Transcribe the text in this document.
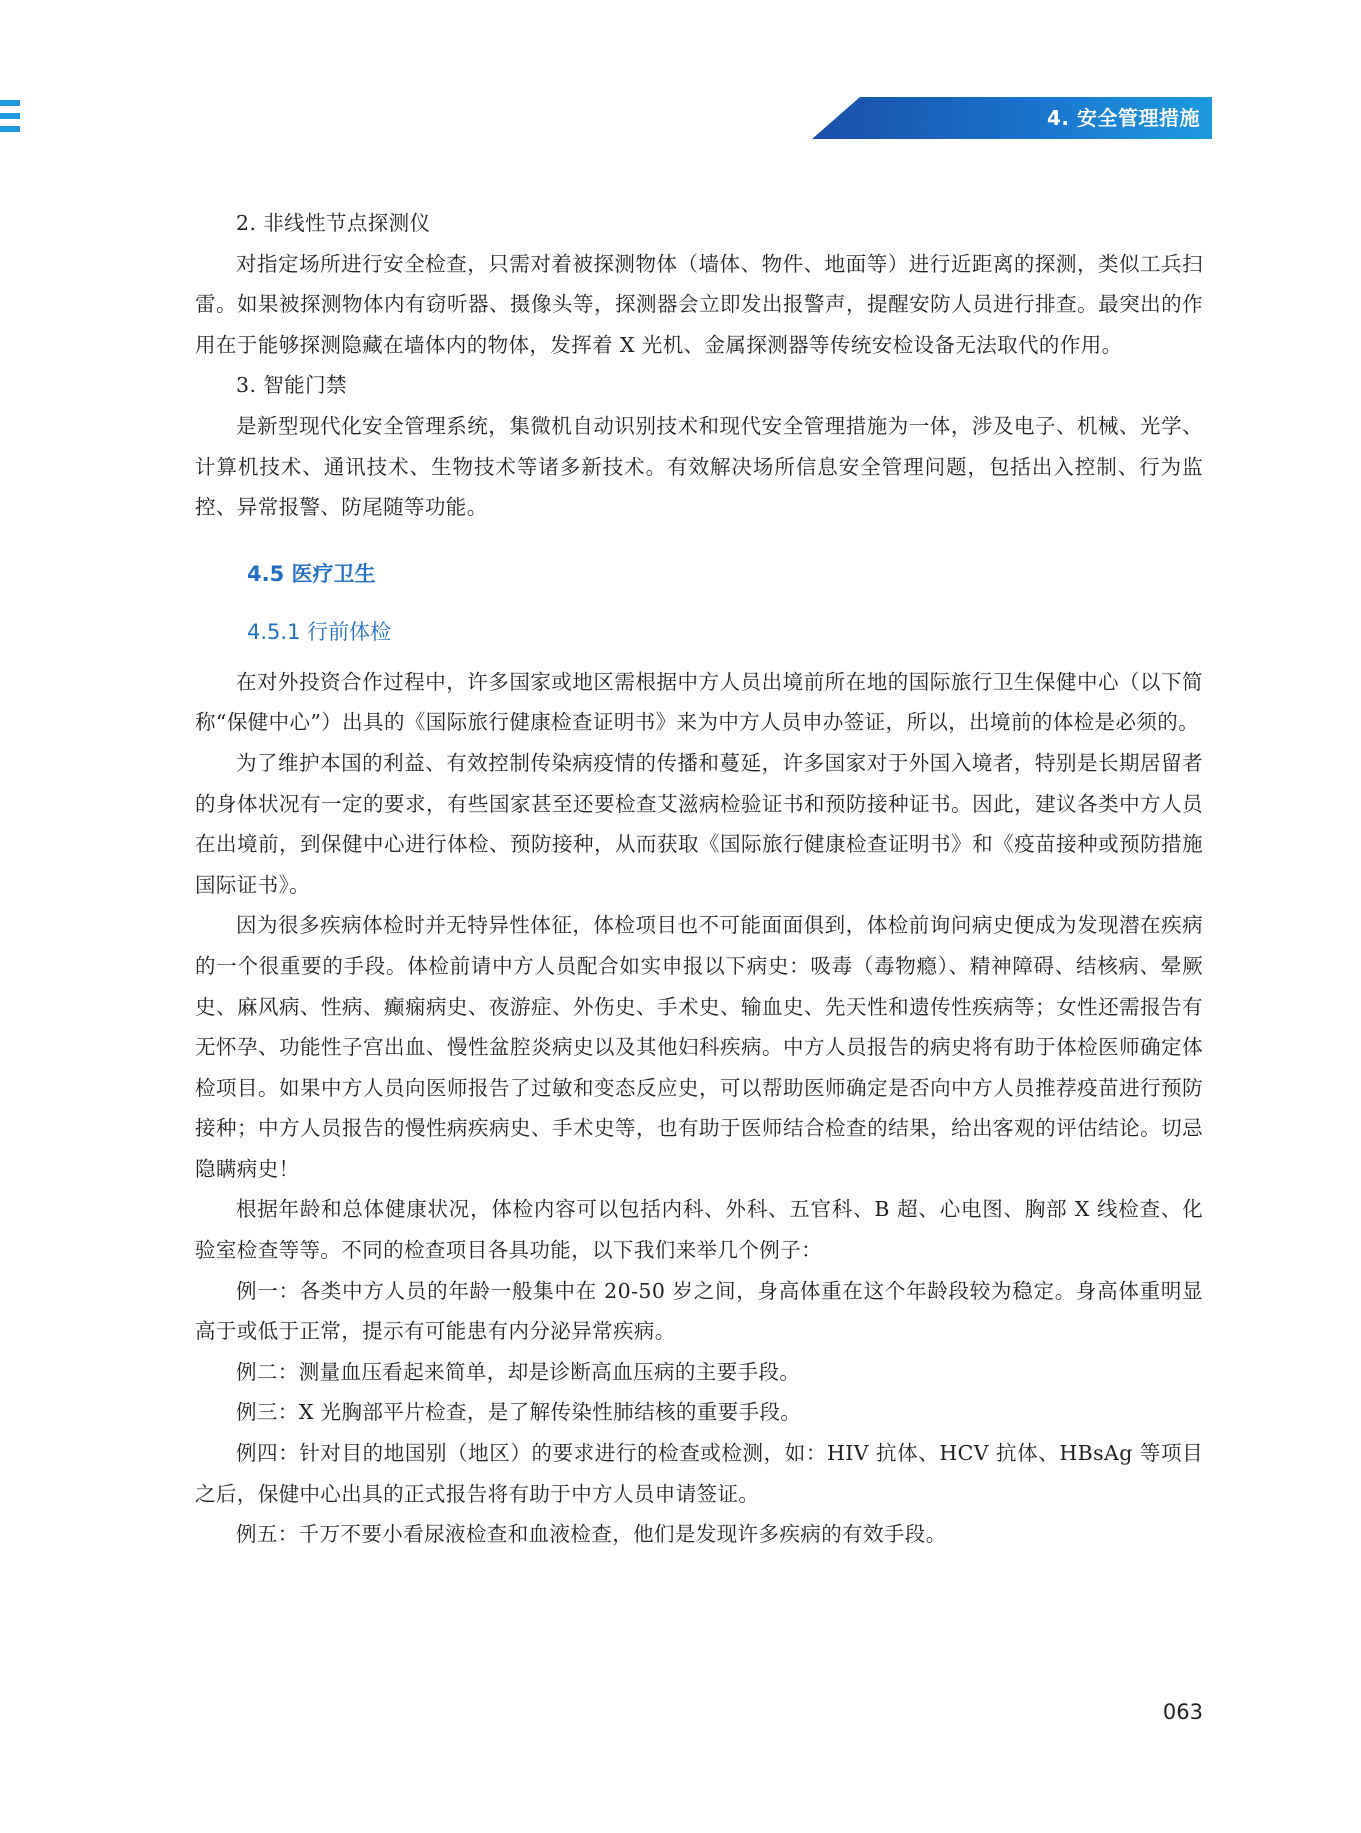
4. 安全管理措施

2. 非线性节点探测仪

对指定场所进行安全检查，只需对着被探测物体（墙体、物件、地面等）进行近距离的探测，类似工兵扫雷。如果被探测物体内有窃听器、摄像头等，探测器会立即发出报警声，提醒安防人员进行排查。最突出的作用在于能够探测隐藏在墙体内的物体，发挥着 X 光机、金属探测器等传统安检设备无法取代的作用。

3. 智能门禁

是新型现代化安全管理系统，集微机自动识别技术和现代安全管理措施为一体，涉及电子、机械、光学、计算机技术、通讯技术、生物技术等诸多新技术。有效解决场所信息安全管理问题，包括出入控制、行为监控、异常报警、防尾随等功能。

4.5 医疗卫生
4.5.1 行前体检

在对外投资合作过程中，许多国家或地区需根据中方人员出境前所在地的国际旅行卫生保健中心（以下简称“保健中心”）出具的《国际旅行健康检查证明书》来为中方人员申办签证，所以，出境前的体检是必须的。

为了维护本国的利益、有效控制传染病疫情的传播和蔓延，许多国家对于外国入境者，特别是长期居留者的身体状况有一定的要求，有些国家甚至还要检查艾滋病检验证书和预防接种证书。因此，建议各类中方人员在出境前，到保健中心进行体检、预防接种，从而获取《国际旅行健康检查证明书》和《疫苗接种或预防措施国际证书》。

因为很多疾病体检时并无特异性体征，体检项目也不可能面面俱到，体检前询问病史便成为发现潜在疾病的一个很重要的手段。体检前请中方人员配合如实申报以下病史：吸毒（毒物瘾）、精神障碍、结核病、晕厥史、麻风病、性病、癫痫病史、夜游症、外伤史、手术史、输血史、先天性和遗传性疾病等；女性还需报告有无怀孕、功能性子宫出血、慢性盆腔炎病史以及其他妇科疾病。中方人员报告的病史将有助于体检医师确定体检项目。如果中方人员向医师报告了过敏和变态反应史，可以帮助医师确定是否向中方人员推荐疫苗进行预防接种；中方人员报告的慢性病疾病史、手术史等，也有助于医师结合检查的结果，给出客观的评估结论。切忌隐瞒病史！

根据年龄和总体健康状况，体检内容可以包括内科、外科、五官科、B 超、心电图、胸部 X 线检查、化验室检查等等。不同的检查项目各具功能，以下我们来举几个例子：

例一：各类中方人员的年龄一般集中在 20-50 岁之间，身高体重在这个年龄段较为稳定。身高体重明显高于或低于正常，提示有可能患有内分泌异常疾病。

例二：测量血压看起来简单，却是诊断高血压病的主要手段。

例三：X 光胸部平片检查，是了解传染性肺结核的重要手段。

例四：针对目的地国别（地区）的要求进行的检查或检测，如：HIV 抗体、HCV 抗体、HBsAg 等项目之后，保健中心出具的正式报告将有助于中方人员申请签证。

例五：千万不要小看尿液检查和血液检查，他们是发现许多疾病的有效手段。

063
